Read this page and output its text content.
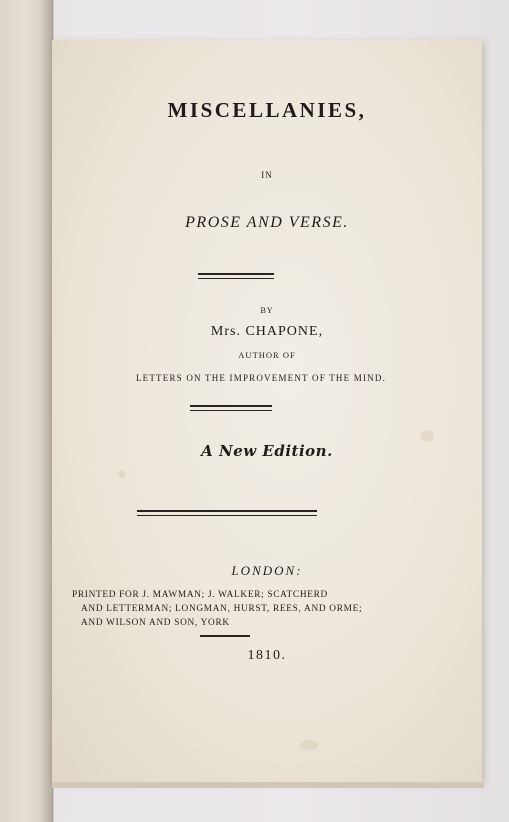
MISCELLANIES,
IN
PROSE AND VERSE.
BY
Mrs. CHAPONE,
AUTHOR OF
LETTERS ON THE IMPROVEMENT OF THE MIND.
A New Edition.
LONDON:
PRINTED FOR J. MAWMAN; J. WALKER; SCATCHERD
AND LETTERMAN; LONGMAN, HURST, REES, AND ORME;
AND WILSON AND SON, YORK
1810.
